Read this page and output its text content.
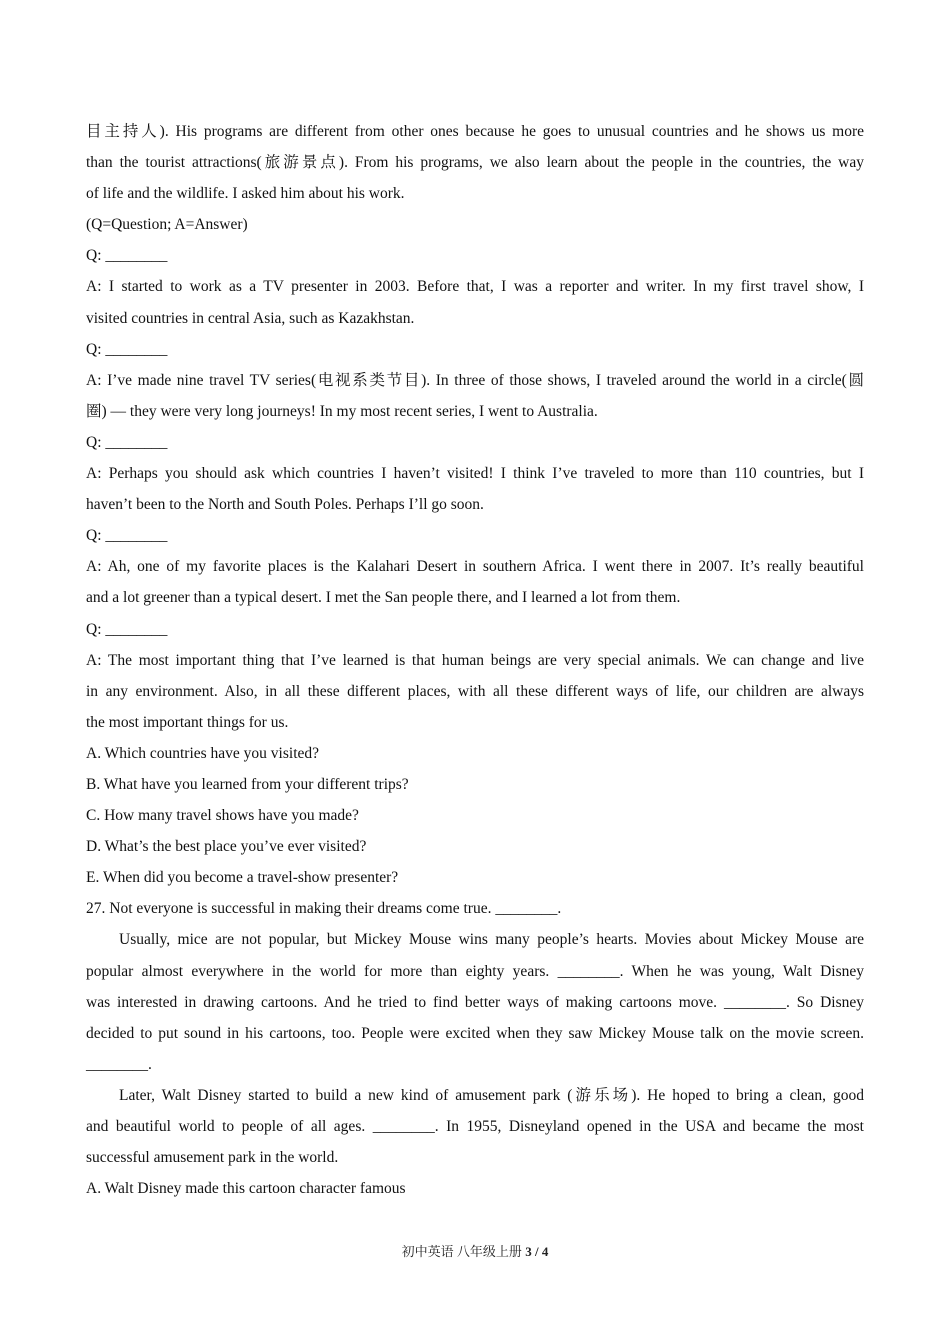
目主持人). His programs are different from other ones because he goes to unusual countries and he shows us more
than the tourist attractions(旅游景点). From his programs, we also learn about the people in the countries, the way
of life and the wildlife. I asked him about his work.
(Q=Question; A=Answer)
Q: ________
A: I started to work as a TV presenter in 2003. Before that, I was a reporter and writer. In my first travel show, I
visited countries in central Asia, such as Kazakhstan.
Q: ________
A: I’ve made nine travel TV series(电视系类节目). In three of those shows, I traveled around the world in a circle(圆
圈) — they were very long journeys! In my most recent series, I went to Australia.
Q: ________
A: Perhaps you should ask which countries I haven’t visited! I think I’ve traveled to more than 110 countries, but I
haven’t been to the North and South Poles. Perhaps I’ll go soon.
Q: ________
A: Ah, one of my favorite places is the Kalahari Desert in southern Africa. I went there in 2007. It’s really beautiful
and a lot greener than a typical desert. I met the San people there, and I learned a lot from them.
Q: ________
A: The most important thing that I’ve learned is that human beings are very special animals. We can change and live
in any environment. Also, in all these different places, with all these different ways of life, our children are always
the most important things for us.
A. Which countries have you visited?
B. What have you learned from your different trips?
C. How many travel shows have you made?
D. What’s the best place you’ve ever visited?
E. When did you become a travel-show presenter?
27. Not everyone is successful in making their dreams come true. ________.
Usually, mice are not popular, but Mickey Mouse wins many people’s hearts. Movies about Mickey Mouse are
popular almost everywhere in the world for more than eighty years. ________. When he was young, Walt Disney
was interested in drawing cartoons. And he tried to find better ways of making cartoons move. ________. So Disney
decided to put sound in his cartoons, too. People were excited when they saw Mickey Mouse talk on the movie screen.
________.
Later, Walt Disney started to build a new kind of amusement park (游乐场). He hoped to bring a clean, good
and beautiful world to people of all ages. ________. In 1955, Disneyland opened in the USA and became the most
successful amusement park in the world.
A. Walt Disney made this cartoon character famous
初中英语 八年级上册 3 / 4
